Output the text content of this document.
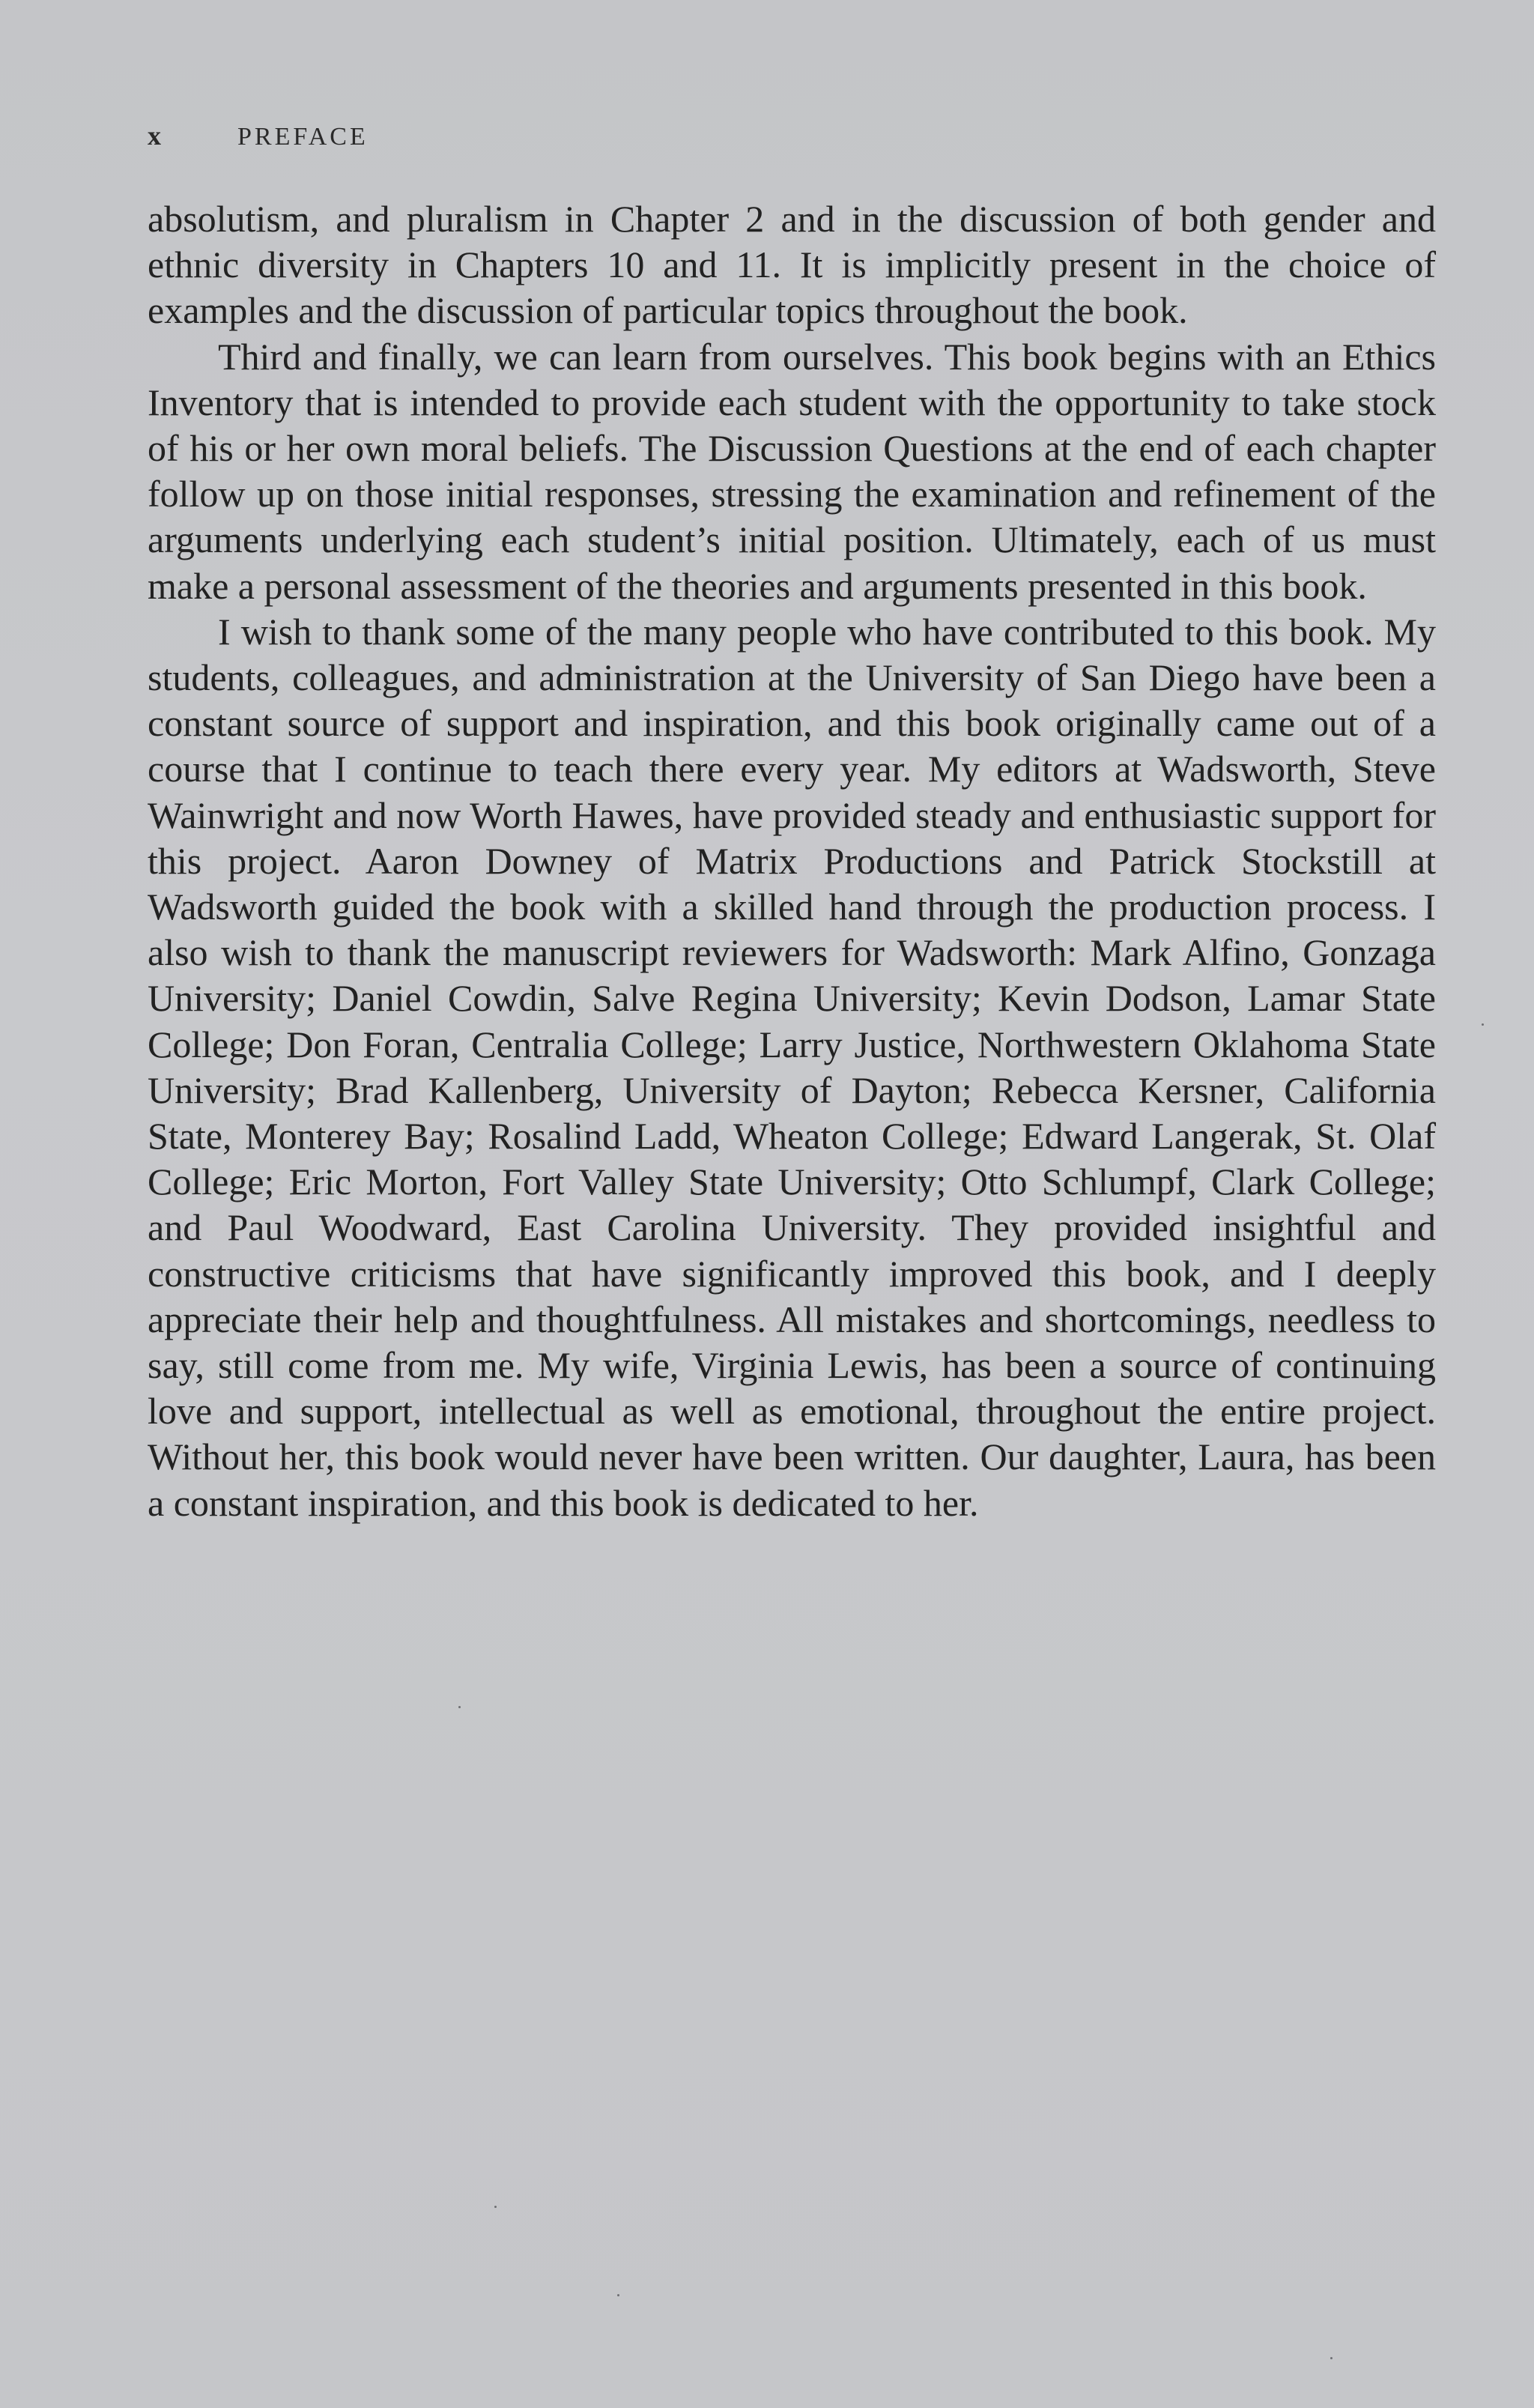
x	PREFACE

absolutism, and pluralism in Chapter 2 and in the discussion of both gender and ethnic diversity in Chapters 10 and 11. It is implicitly present in the choice of examples and the discussion of particular topics throughout the book.

Third and finally, we can learn from ourselves. This book begins with an Ethics Inventory that is intended to provide each student with the opportunity to take stock of his or her own moral beliefs. The Discussion Questions at the end of each chapter follow up on those initial responses, stressing the examination and refinement of the arguments underlying each student’s initial position. Ultimately, each of us must make a personal assessment of the theories and arguments presented in this book.

I wish to thank some of the many people who have contributed to this book. My students, colleagues, and administration at the University of San Diego have been a constant source of support and inspiration, and this book originally came out of a course that I continue to teach there every year. My editors at Wadsworth, Steve Wainwright and now Worth Hawes, have provided steady and enthusiastic support for this project. Aaron Downey of Matrix Productions and Patrick Stockstill at Wadsworth guided the book with a skilled hand through the production process. I also wish to thank the manuscript reviewers for Wadsworth: Mark Alfino, Gonzaga University; Daniel Cowdin, Salve Regina University; Kevin Dodson, Lamar State College; Don Foran, Centralia College; Larry Justice, Northwestern Oklahoma State University; Brad Kallenberg, University of Dayton; Rebecca Kersner, California State, Monterey Bay; Rosalind Ladd, Wheaton College; Edward Langerak, St. Olaf College; Eric Morton, Fort Valley State University; Otto Schlumpf, Clark College; and Paul Woodward, East Carolina University. They provided insightful and constructive criticisms that have significantly improved this book, and I deeply appreciate their help and thoughtfulness. All mistakes and shortcomings, needless to say, still come from me. My wife, Virginia Lewis, has been a source of continuing love and support, intellectual as well as emotional, throughout the entire project. Without her, this book would never have been written. Our daughter, Laura, has been a constant inspiration, and this book is dedicated to her.
